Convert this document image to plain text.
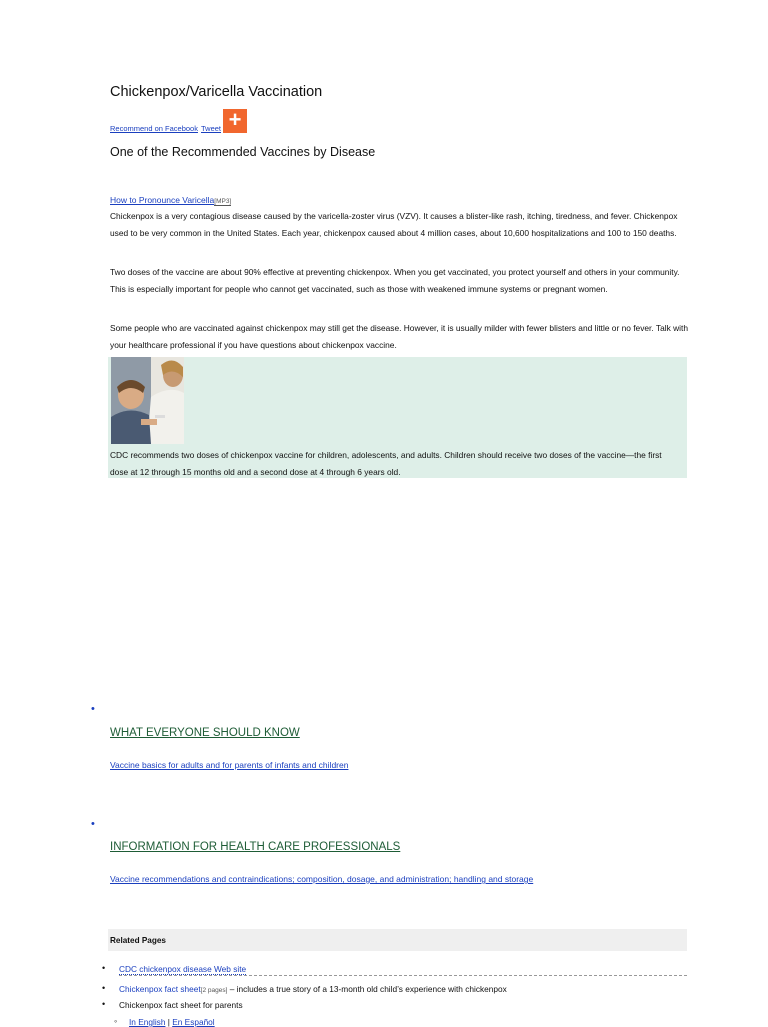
Chickenpox/Varicella Vaccination
Recommend on Facebook Tweet +
One of the Recommended Vaccines by Disease
How to Pronounce Varicella[MP3]
Chickenpox is a very contagious disease caused by the varicella-zoster virus (VZV). It causes a blister-like rash, itching, tiredness, and fever. Chickenpox used to be very common in the United States. Each year, chickenpox caused about 4 million cases, about 10,600 hospitalizations and 100 to 150 deaths.
Two doses of the vaccine are about 90% effective at preventing chickenpox. When you get vaccinated, you protect yourself and others in your community. This is especially important for people who cannot get vaccinated, such as those with weakened immune systems or pregnant women.
Some people who are vaccinated against chickenpox may still get the disease. However, it is usually milder with fewer blisters and little or no fever. Talk with your healthcare professional if you have questions about chickenpox vaccine.
CDC recommends two doses of chickenpox vaccine for children, adolescents, and adults. Children should receive two doses of the vaccine—the first dose at 12 through 15 months old and a second dose at 4 through 6 years old.
•
WHAT EVERYONE SHOULD KNOW
Vaccine basics for adults and for parents of infants and children
•
INFORMATION FOR HEALTH CARE PROFESSIONALS
Vaccine recommendations and contraindications; composition, dosage, and administration; handling and storage
Related Pages
• CDC chickenpox disease Web site
• Chickenpox fact sheet[2 pages] – includes a true story of a 13-month old child’s experience with chickenpox
• Chickenpox fact sheet for parents
◦ In English | En Español
